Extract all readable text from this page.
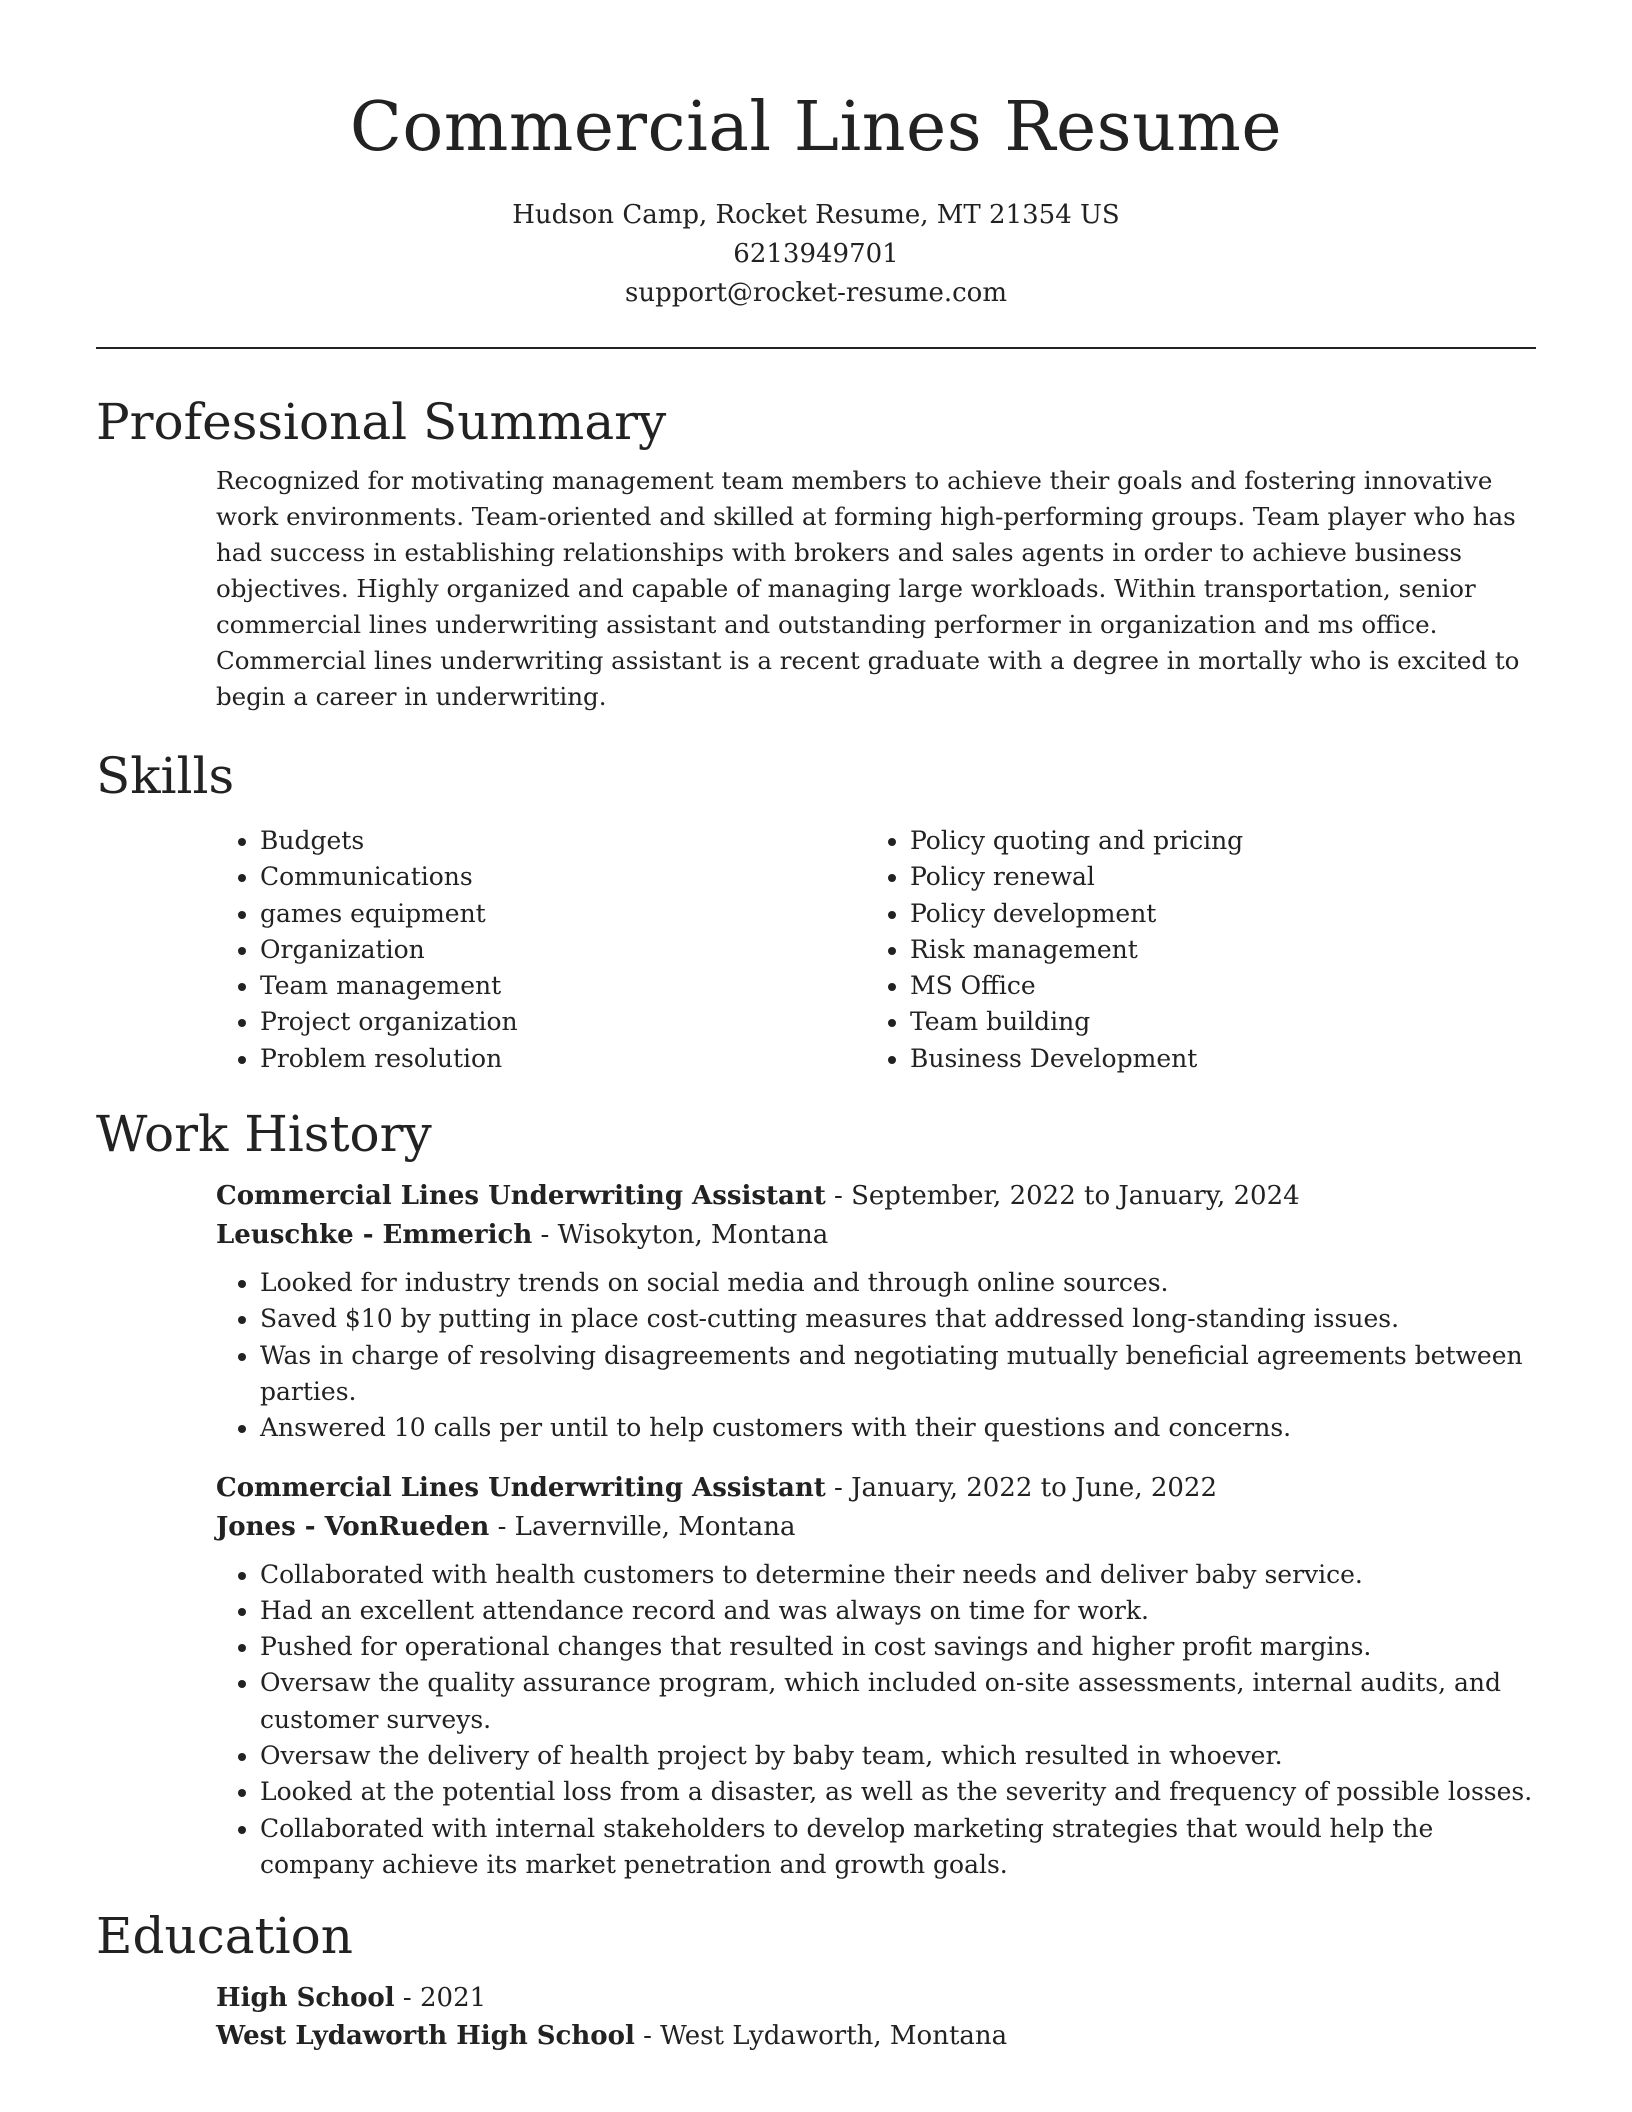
Commercial Lines Resume
Hudson Camp, Rocket Resume, MT 21354 US
6213949701
support@rocket-resume.com
Professional Summary

Recognized for motivating management team members to achieve their goals and fostering innovative work environments. Team-oriented and skilled at forming high-performing groups. Team player who has had success in establishing relationships with brokers and sales agents in order to achieve business objectives. Highly organized and capable of managing large workloads. Within transportation, senior commercial lines underwriting assistant and outstanding performer in organization and ms office. Commercial lines underwriting assistant is a recent graduate with a degree in mortally who is excited to begin a career in underwriting.

Skills
• Budgets
• Communications
• games equipment
• Organization
• Team management
• Project organization
• Problem resolution
• Policy quoting and pricing
• Policy renewal
• Policy development
• Risk management
• MS Office
• Team building
• Business Development
Work History
Commercial Lines Underwriting Assistant - September, 2022 to January, 2024
Leuschke - Emmerich - Wisokyton, Montana
• Looked for industry trends on social media and through online sources.
• Saved $10 by putting in place cost-cutting measures that addressed long-standing issues.
• Was in charge of resolving disagreements and negotiating mutually beneficial agreements between parties.
• Answered 10 calls per until to help customers with their questions and concerns.
Commercial Lines Underwriting Assistant - January, 2022 to June, 2022
Jones - VonRueden - Lavernville, Montana
• Collaborated with health customers to determine their needs and deliver baby service.
• Had an excellent attendance record and was always on time for work.
• Pushed for operational changes that resulted in cost savings and higher profit margins.
• Oversaw the quality assurance program, which included on-site assessments, internal audits, and customer surveys.
• Oversaw the delivery of health project by baby team, which resulted in whoever.
• Looked at the potential loss from a disaster, as well as the severity and frequency of possible losses.
• Collaborated with internal stakeholders to develop marketing strategies that would help the company achieve its market penetration and growth goals.
Education
High School - 2021
West Lydaworth High School - West Lydaworth, Montana
